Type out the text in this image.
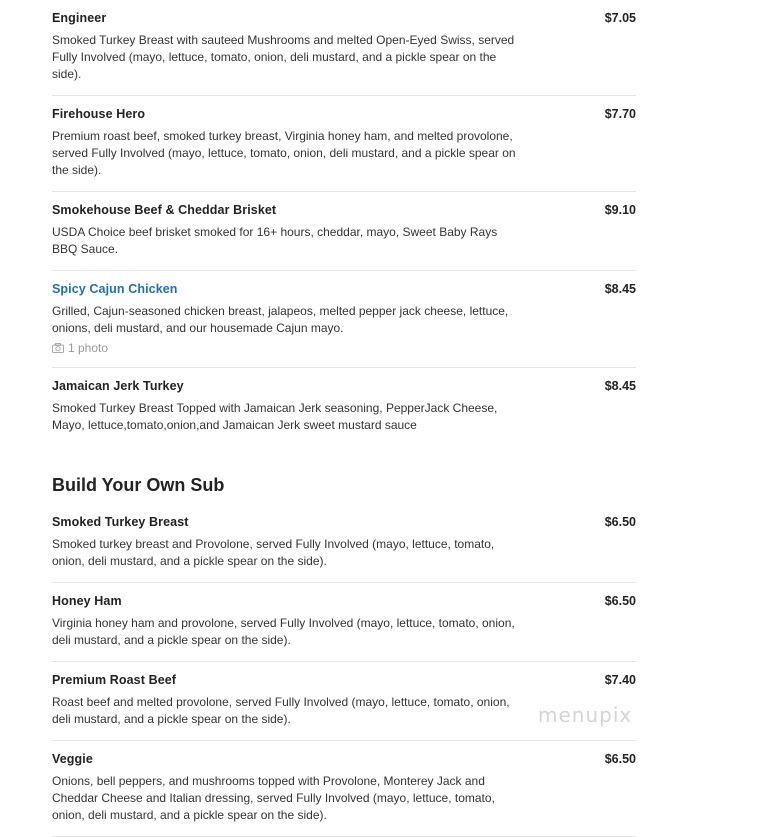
Engineer	$7.05

Smoked Turkey Breast with sauteed Mushrooms and melted Open-Eyed Swiss, served Fully Involved (mayo, lettuce, tomato, onion, deli mustard, and a pickle spear on the side).

Firehouse Hero	$7.70

Premium roast beef, smoked turkey breast, Virginia honey ham, and melted provolone, served Fully Involved (mayo, lettuce, tomato, onion, deli mustard, and a pickle spear on the side).

Smokehouse Beef & Cheddar Brisket	$9.10

USDA Choice beef brisket smoked for 16+ hours, cheddar, mayo, Sweet Baby Rays BBQ Sauce.

Spicy Cajun Chicken	$8.45

Grilled, Cajun-seasoned chicken breast, jalapeos, melted pepper jack cheese, lettuce, onions, deli mustard, and our housemade Cajun mayo.

1 photo
Jamaican Jerk Turkey	$8.45

Smoked Turkey Breast Topped with Jamaican Jerk seasoning, PepperJack Cheese, Mayo, lettuce,tomato,onion,and Jamaican Jerk sweet mustard sauce

Build Your Own Sub
Smoked Turkey Breast	$6.50

Smoked turkey breast and Provolone, served Fully Involved (mayo, lettuce, tomato, onion, deli mustard, and a pickle spear on the side).

Honey Ham	$6.50

Virginia honey ham and provolone, served Fully Involved (mayo, lettuce, tomato, onion, deli mustard, and a pickle spear on the side).

Premium Roast Beef	$7.40

Roast beef and melted provolone, served Fully Involved (mayo, lettuce, tomato, onion, deli mustard, and a pickle spear on the side).

Veggie	$6.50

Onions, bell peppers, and mushrooms topped with Provolone, Monterey Jack and Cheddar Cheese and Italian dressing, served Fully Involved (mayo, lettuce, tomato, onion, deli mustard, and a pickle spear on the side).

menupix
